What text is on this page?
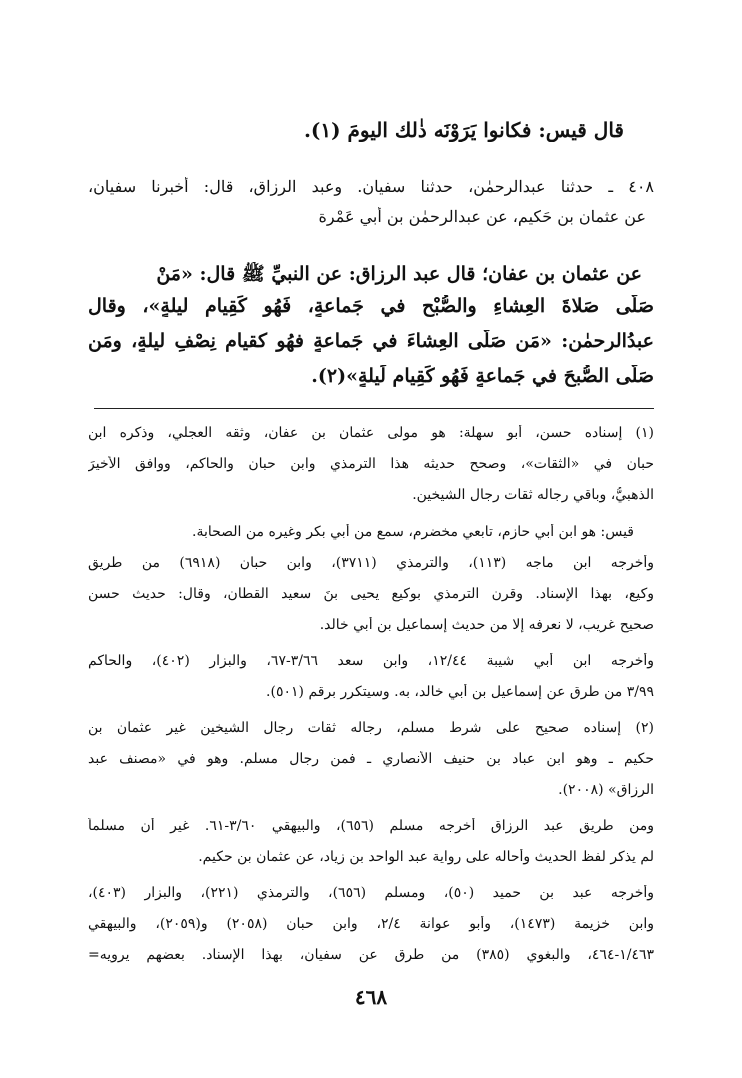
قال قيس: فكانوا يَرَوْنَه ذٰلك اليومَ (١).
٤٠٨ ـ حدثنا عبدالرحمٰن، حدثنا سفيان. وعبد الرزاق، قال: أخبرنا سفيان،
عن عثمان بن حَكيم، عن عبدالرحمٰن بن أبي عَمْرة
عن عثمان بن عفان؛ قال عبد الرزاق: عن النبيِّ ﷺ قال: «مَنْ
صَلَّى صَلاةَ العِشاءِ والصُّبْحِ في جَماعةٍ، فَهُو كَقِيامِ ليلةٍ»، وقال
عبدُالرحمٰن: «مَن صَلَّى العِشاءَ في جَماعةٍ فهُو كقيامِ نِصْفِ ليلةٍ، ومَن
صَلَّى الصُّبحَ في جَماعةٍ فَهُو كَقِيامِ لَيلةٍ»(٢).
(١) إسناده حسن، أبو سهلة: هو مولى عثمان بن عفان، وثقه العجلي، وذكره ابن
حبان في «الثقات»، وصحح حديثه هذا الترمذي وابن حبان والحاكم، ووافق الأخيرَ
الذهبيُّ، وباقي رجاله ثقات رجال الشيخين.
قيس: هو ابن أبي حازم، تابعي مخضرم، سمع من أبي بكر وغيره من الصحابة.
وأخرجه ابن ماجه (١١٣)، والترمذي (٣٧١١)، وابن حبان (٦٩١٨) من طريق
وكيع، بهذا الإسناد. وقرن الترمذي بوكيع يحيى بنَ سعيد القطان، وقال: حديث حسن
صحيح غريب، لا نعرفه إلا من حديث إسماعيل بن أبي خالد.
وأخرجه ابن أبي شيبة ١٢/٤٤، وابن سعد ٣/٦٦-٦٧، والبزار (٤٠٢)، والحاكم
٣/٩٩ من طرق عن إسماعيل بن أبي خالد، به. وسيتكرر برقم (٥٠١).
(٢) إسناده صحيح على شرط مسلم، رجاله ثقات رجال الشيخين غير عثمان بن
حكيم ـ وهو ابن عباد بن حنيف الأنصاري ـ فمن رجال مسلم. وهو في «مصنف عبد
الرزاق» (٢٠٠٨).
ومن طريق عبد الرزاق أخرجه مسلم (٦٥٦)، والبيهقي ٣/٦٠-٦١. غير أن مسلماً
لم يذكر لفظ الحديث وأحاله على رواية عبد الواحد بن زياد، عن عثمان بن حكيم.
وأخرجه عبد بن حميد (٥٠)، ومسلم (٦٥٦)، والترمذي (٢٢١)، والبزار (٤٠٣)،
وابن خزيمة (١٤٧٣)، وأبو عوانة ٢/٤، وابن حبان (٢٠٥٨) و(٢٠٥٩)، والبيهقي
١/٤٦٣-٤٦٤، والبغوي (٣٨٥) من طرق عن سفيان، بهذا الإسناد. بعضهم يرويه=
٤٦٨
